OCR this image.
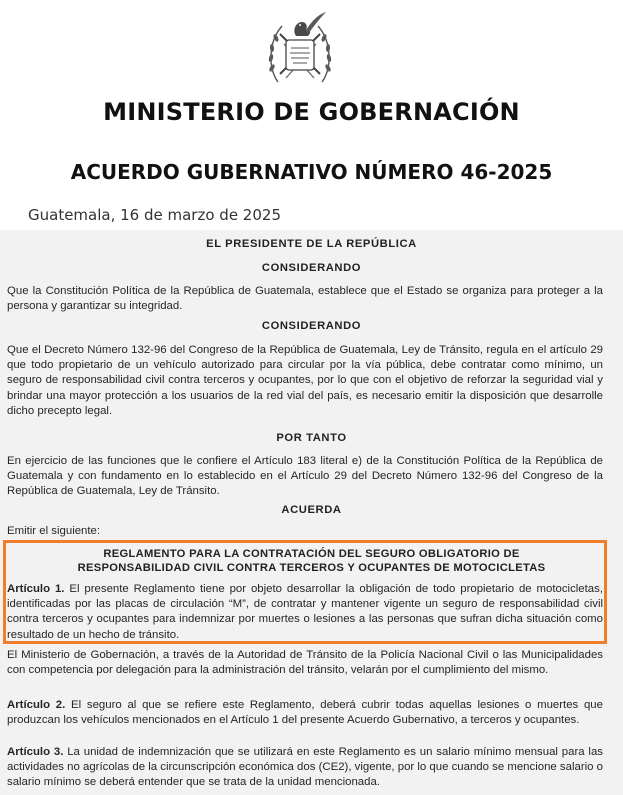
MINISTERIO DE GOBERNACIÓN
ACUERDO GUBERNATIVO NÚMERO 46-2025
Guatemala, 16 de marzo de 2025
EL PRESIDENTE DE LA REPÚBLICA
CONSIDERANDO

Que la Constitución Política de la República de Guatemala, establece que el Estado se organiza para proteger a la persona y garantizar su integridad.

CONSIDERANDO

Que el Decreto Número 132-96 del Congreso de la República de Guatemala, Ley de Tránsito, regula en el artículo 29 que todo propietario de un vehículo autorizado para circular por la vía pública, debe contratar como mínimo, un seguro de responsabilidad civil contra terceros y ocupantes, por lo que con el objetivo de reforzar la seguridad vial y brindar una mayor protección a los usuarios de la red vial del país, es necesario emitir la disposición que desarrolle dicho precepto legal.

POR TANTO

En ejercicio de las funciones que le confiere el Artículo 183 literal e) de la Constitución Política de la República de Guatemala y con fundamento en lo establecido en el Artículo 29 del Decreto Número 132-96 del Congreso de la República de Guatemala, Ley de Tránsito.

ACUERDA

Emitir el siguiente:

REGLAMENTO PARA LA CONTRATACIÓN DEL SEGURO OBLIGATORIO DE
RESPONSABILIDAD CIVIL CONTRA TERCEROS Y OCUPANTES DE MOTOCICLETAS

Artículo 1. El presente Reglamento tiene por objeto desarrollar la obligación de todo propietario de motocicletas, identificadas por las placas de circulación “M”, de contratar y mantener vigente un seguro de responsabilidad civil contra terceros y ocupantes para indemnizar por muertes o lesiones a las personas que sufran dicha situación como resultado de un hecho de tránsito.

El Ministerio de Gobernación, a través de la Autoridad de Tránsito de la Policía Nacional Civil o las Municipalidades con competencia por delegación para la administración del tránsito, velarán por el cumplimiento del mismo.

Artículo 2. El seguro al que se refiere este Reglamento, deberá cubrir todas aquellas lesiones o muertes que produzcan los vehículos mencionados en el Artículo 1 del presente Acuerdo Gubernativo, a terceros y ocupantes.

Artículo 3. La unidad de indemnización que se utilizará en este Reglamento es un salario mínimo mensual para las actividades no agrícolas de la circunscripción económica dos (CE2), vigente, por lo que cuando se mencione salario o salario mínimo se deberá entender que se trata de la unidad mencionada.
